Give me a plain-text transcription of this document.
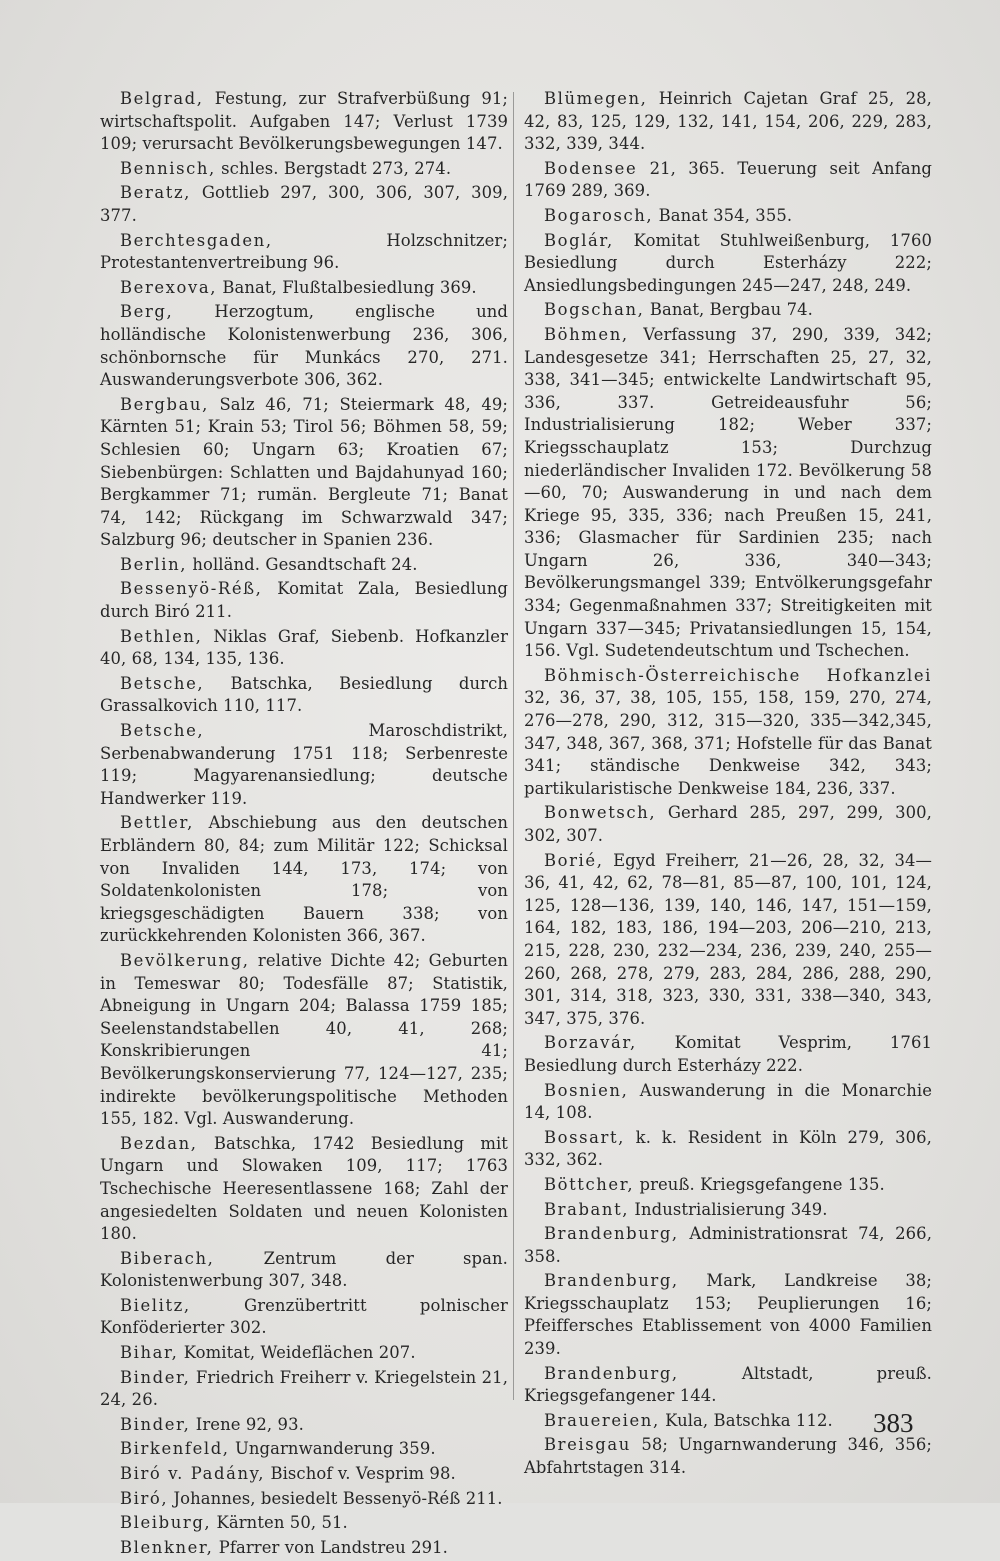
Belgrad, Festung, zur Strafverbüßung 91; wirtschaftspolit. Aufgaben 147; Verlust 1739 109; verursacht Bevölkerungsbewegungen 147.

Bennisch, schles. Bergstadt 273, 274.

Beratz, Gottlieb 297, 300, 306, 307, 309, 377.

Berchtesgaden,	Holzschnitzer; Protestantenvertreibung 96.

Berexova, Banat, Flußtalbesiedlung 369.

Berg,	Herzogtum, englische und holländische Kolonistenwerbung 236, 306, schönbornsche für Munkács 270, 271. Auswanderungsverbote 306, 362.

Bergbau, Salz 46, 71; Steiermark 48, 49; Kärnten 51; Krain 53; Tirol 56; Böhmen 58, 59; Schlesien 60; Ungarn 63; Kroatien 67; Siebenbürgen: Schlatten und Bajdahunyad 160; Bergkammer 71; rumän. Bergleute 71; Banat 74, 142; Rückgang im Schwarzwald 347; Salzburg 96; deutscher in Spanien 236.

Berlin, holländ. Gesandtschaft 24.

Bessenyö-Réß, Komitat Zala, Besiedlung durch Biró 211.

Bethlen, Niklas Graf, Siebenb. Hofkanzler 40, 68, 134, 135, 136.

Betsche, Batschka, Besiedlung durch Grassalkovich 110, 117.

Betsche,	Maroschdistrikt, Serbenabwanderung 1751 118; Serbenreste 119; Magyarenansiedlung; deutsche Handwerker 119.

Bettler, Abschiebung aus den deutschen Erbländern 80, 84; zum Militär 122; Schicksal von Invaliden 144, 173, 174; von Soldatenkolonisten 178; von kriegsgeschädigten Bauern 338; von zurückkehrenden Kolonisten 366, 367.

Bevölkerung, relative Dichte 42; Geburten in Temeswar 80; Todesfälle 87; Statistik, Abneigung in Ungarn 204; Balassa 1759 185; Seelenstandstabellen 40, 41, 268; Konskribierungen 41; Bevölkerungskonservierung 77, 124—127, 235; indirekte bevölkerungspolitische Methoden 155, 182. Vgl. Auswanderung.

Bezdan, Batschka, 1742 Besiedlung mit Ungarn und Slowaken 109, 117; 1763 Tschechische Heeresentlassene 168; Zahl der angesiedelten Soldaten und neuen Kolonisten 180.

Biberach,	Zentrum der span. Kolonistenwerbung 307, 348.

Bielitz,	Grenzübertritt polnischer Konföderierter 302.

Bihar, Komitat, Weideflächen 207.

Binder, Friedrich Freiherr v. Kriegelstein 21, 24, 26.

Binder, Irene 92, 93.

Birkenfeld, Ungarnwanderung 359.

Biró v. Padány, Bischof v. Vesprim 98.

Biró, Johannes, besiedelt Bessenyö-Réß 211.

Bleiburg, Kärnten 50, 51.

Blenkner, Pfarrer von Landstreu 291.

Blümegen, Heinrich Cajetan Graf 25, 28, 42, 83, 125, 129, 132, 141, 154, 206, 229, 283, 332, 339, 344.

Bodensee 21, 365. Teuerung seit Anfang 1769 289, 369.

Bogarosch, Banat 354, 355.

Boglár, Komitat Stuhlweißenburg, 1760 Besiedlung durch Esterházy 222; Ansiedlungsbedingungen 245—247, 248, 249.

Bogschan, Banat, Bergbau 74.

Böhmen, Verfassung 37, 290, 339, 342; Landesgesetze 341; Herrschaften 25, 27, 32, 338, 341—345; entwickelte Landwirtschaft 95, 336, 337. Getreideausfuhr 56; Industrialisierung 182; Weber 337; Kriegsschauplatz 153; Durchzug niederländischer Invaliden 172. Bevölkerung 58—60, 70; Auswanderung in und nach dem Kriege 95, 335, 336; nach Preußen 15, 241, 336; Glasmacher für Sardinien 235; nach Ungarn 26, 336, 340—343; Bevölkerungsmangel 339; Entvölkerungsgefahr 334; Gegenmaßnahmen 337; Streitigkeiten mit Ungarn 337—345; Privatansiedlungen 15, 154, 156. Vgl. Sudetendeutschtum und Tschechen.

Böhmisch-Österreichische Hofkanzlei 32, 36, 37, 38, 105, 155, 158, 159, 270, 274, 276—278, 290, 312, 315—320, 335—342,345, 347, 348, 367, 368, 371; Hofstelle für das Banat 341; ständische Denkweise 342, 343; partikularistische Denkweise 184, 236, 337.

Bonwetsch, Gerhard 285, 297, 299, 300, 302, 307.

Borié, Egyd Freiherr, 21—26, 28, 32, 34—36, 41, 42, 62, 78—81, 85—87, 100, 101, 124, 125, 128—136, 139, 140, 146, 147, 151—159, 164, 182, 183, 186, 194—203, 206—210, 213, 215, 228, 230, 232—234, 236, 239, 240, 255—260, 268, 278, 279, 283, 284, 286, 288, 290, 301, 314, 318, 323, 330, 331, 338—340, 343, 347, 375, 376.

Borzavár, Komitat Vesprim, 1761 Besiedlung durch Esterházy 222.

Bosnien, Auswanderung in die Monarchie 14, 108.

Bossart, k. k. Resident in Köln 279, 306, 332, 362.

Böttcher, preuß. Kriegsgefangene 135.

Brabant, Industrialisierung 349.

Brandenburg, Administrationsrat 74, 266, 358.

Brandenburg, Mark, Landkreise 38; Kriegsschauplatz 153; Peuplierungen 16; Pfeiffersches Etablissement von 4000 Familien 239.

Brandenburg,	Altstadt, preuß. Kriegsgefangener 144.

Brauereien, Kula, Batschka 112.

Breisgau 58; Ungarnwanderung 346, 356; Abfahrtstagen 314.

383
